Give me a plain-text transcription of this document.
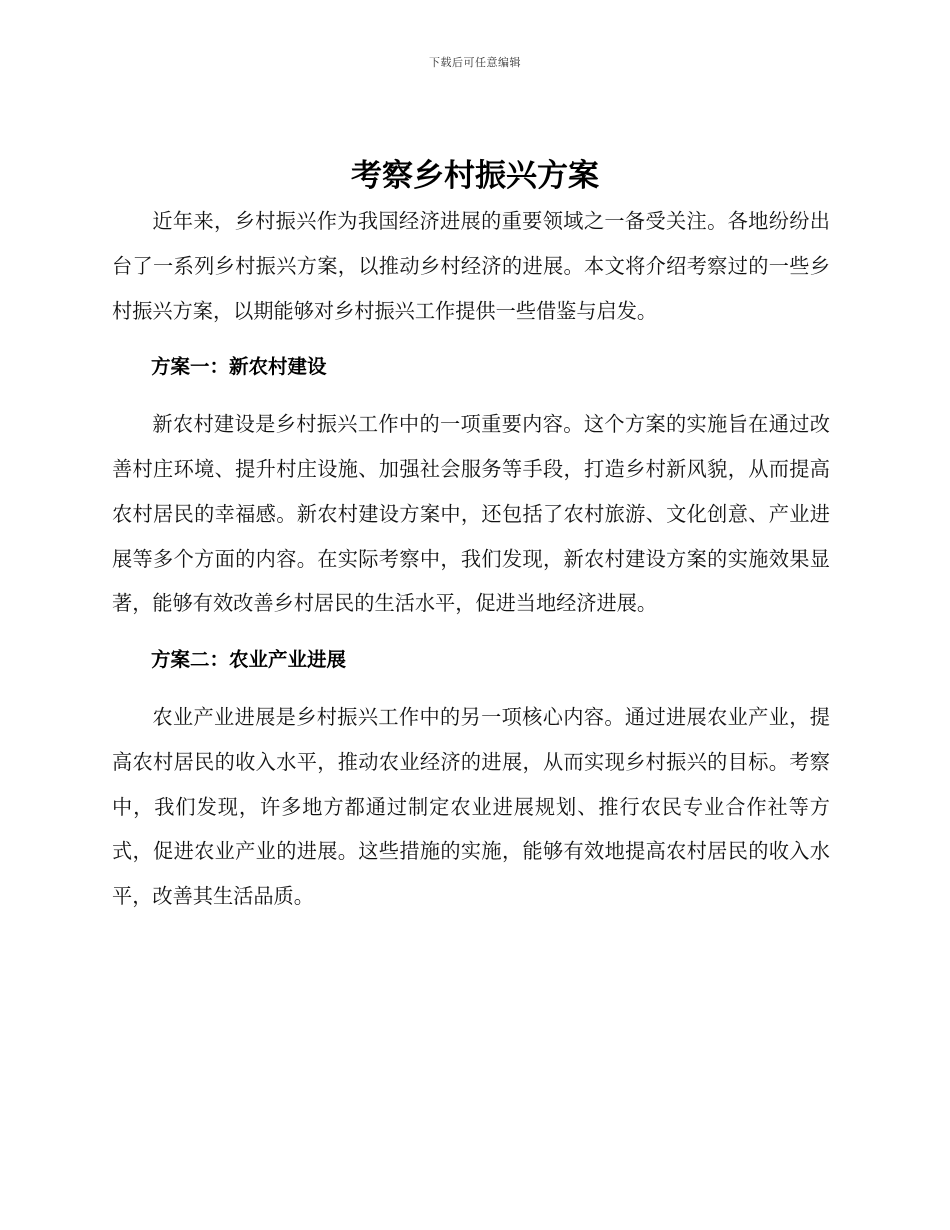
下载后可任意编辑
考察乡村振兴方案

近年来，乡村振兴作为我国经济进展的重要领域之一备受关注。各地纷纷出台了一系列乡村振兴方案，以推动乡村经济的进展。本文将介绍考察过的一些乡村振兴方案，以期能够对乡村振兴工作提供一些借鉴与启发。

方案一：新农村建设

新农村建设是乡村振兴工作中的一项重要内容。这个方案的实施旨在通过改善村庄环境、提升村庄设施、加强社会服务等手段，打造乡村新风貌，从而提高农村居民的幸福感。新农村建设方案中，还包括了农村旅游、文化创意、产业进展等多个方面的内容。在实际考察中，我们发现，新农村建设方案的实施效果显著，能够有效改善乡村居民的生活水平，促进当地经济进展。

方案二：农业产业进展

农业产业进展是乡村振兴工作中的另一项核心内容。通过进展农业产业，提高农村居民的收入水平，推动农业经济的进展，从而实现乡村振兴的目标。考察中，我们发现，许多地方都通过制定农业进展规划、推行农民专业合作社等方式，促进农业产业的进展。这些措施的实施，能够有效地提高农村居民的收入水平，改善其生活品质。
